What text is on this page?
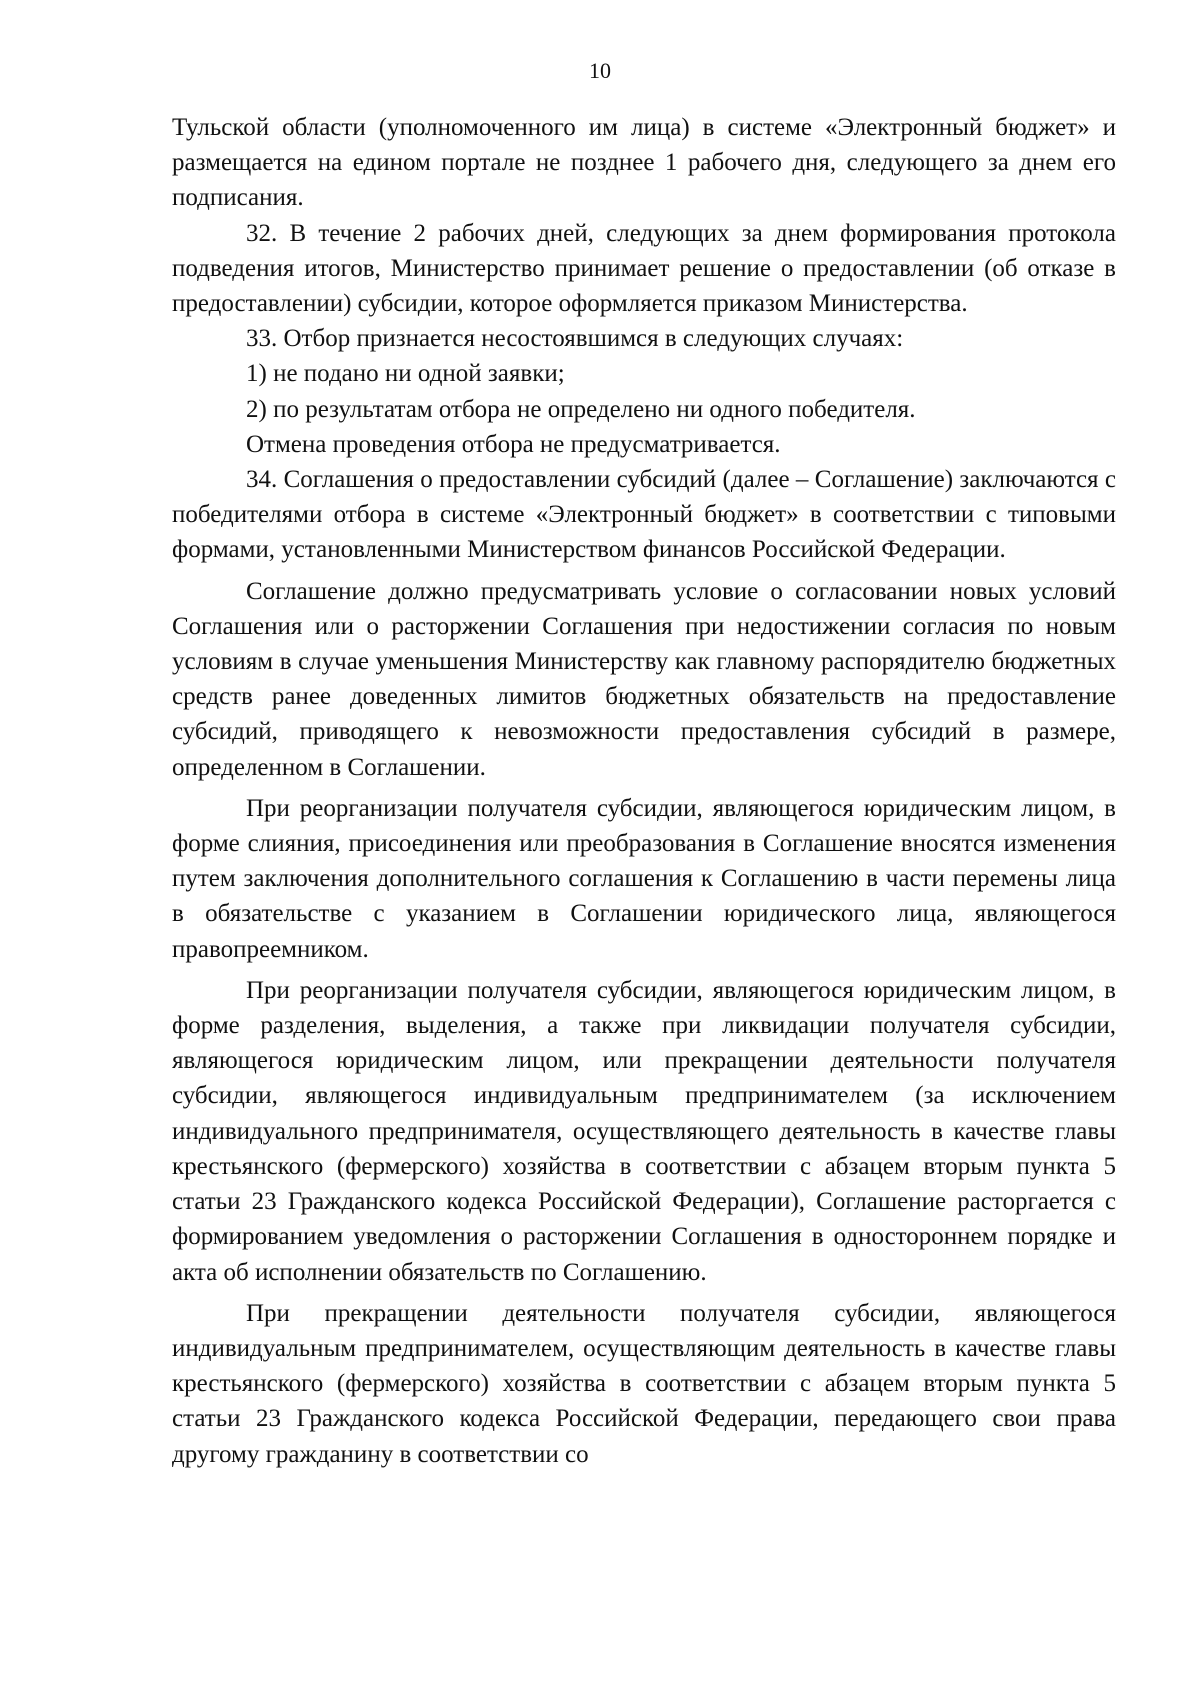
10

Тульской области (уполномоченного им лица) в системе «Электронный бюджет» и размещается на едином портале не позднее 1 рабочего дня, следующего за днем его подписания.

32. В течение 2 рабочих дней, следующих за днем формирования протокола подведения итогов, Министерство принимает решение о предоставлении (об отказе в предоставлении) субсидии, которое оформляется приказом Министерства.

33. Отбор признается несостоявшимся в следующих случаях:

1) не подано ни одной заявки;

2) по результатам отбора не определено ни одного победителя.

Отмена проведения отбора не предусматривается.

34. Соглашения о предоставлении субсидий (далее – Соглашение) заключаются с победителями отбора в системе «Электронный бюджет» в соответствии с типовыми формами, установленными Министерством финансов Российской Федерации.

Соглашение должно предусматривать условие о согласовании новых условий Соглашения или о расторжении Соглашения при недостижении согласия по новым условиям в случае уменьшения Министерству как главному распорядителю бюджетных средств ранее доведенных лимитов бюджетных обязательств на предоставление субсидий, приводящего к невозможности предоставления субсидий в размере, определенном в Соглашении.

При реорганизации получателя субсидии, являющегося юридическим лицом, в форме слияния, присоединения или преобразования в Соглашение вносятся изменения путем заключения дополнительного соглашения к Соглашению в части перемены лица в обязательстве с указанием в Соглашении юридического лица, являющегося правопреемником.

При реорганизации получателя субсидии, являющегося юридическим лицом, в форме разделения, выделения, а также при ликвидации получателя субсидии, являющегося юридическим лицом, или прекращении деятельности получателя субсидии, являющегося индивидуальным предпринимателем (за исключением индивидуального предпринимателя, осуществляющего деятельность в качестве главы крестьянского (фермерского) хозяйства в соответствии с абзацем вторым пункта 5 статьи 23 Гражданского кодекса Российской Федерации), Соглашение расторгается с формированием уведомления о расторжении Соглашения в одностороннем порядке и акта об исполнении обязательств по Соглашению.

При прекращении деятельности получателя субсидии, являющегося индивидуальным предпринимателем, осуществляющим деятельность в качестве главы крестьянского (фермерского) хозяйства в соответствии с абзацем вторым пункта 5 статьи 23 Гражданского кодекса Российской Федерации, передающего свои права другому гражданину в соответствии со
